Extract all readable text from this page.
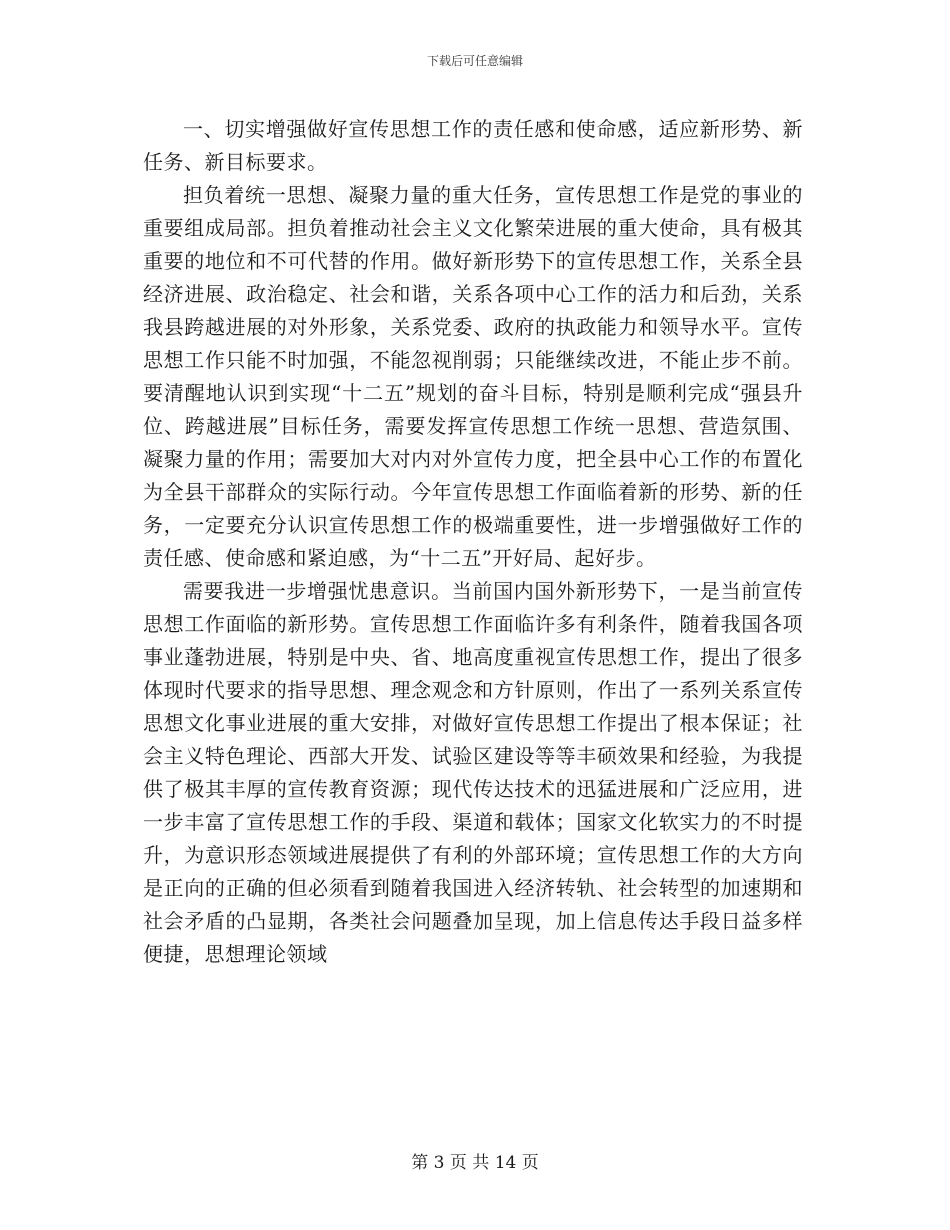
下载后可任意编辑

一、切实增强做好宣传思想工作的责任感和使命感，适应新形势、新任务、新目标要求。

担负着统一思想、凝聚力量的重大任务，宣传思想工作是党的事业的重要组成局部。担负着推动社会主义文化繁荣进展的重大使命，具有极其重要的地位和不可代替的作用。做好新形势下的宣传思想工作，关系全县经济进展、政治稳定、社会和谐，关系各项中心工作的活力和后劲，关系我县跨越进展的对外形象，关系党委、政府的执政能力和领导水平。宣传思想工作只能不时加强，不能忽视削弱；只能继续改进，不能止步不前。要清醒地认识到实现“十二五”规划的奋斗目标，特别是顺利完成“强县升位、跨越进展”目标任务，需要发挥宣传思想工作统一思想、营造氛围、凝聚力量的作用；需要加大对内对外宣传力度，把全县中心工作的布置化为全县干部群众的实际行动。今年宣传思想工作面临着新的形势、新的任务，一定要充分认识宣传思想工作的极端重要性，进一步增强做好工作的责任感、使命感和紧迫感，为“十二五”开好局、起好步。

需要我进一步增强忧患意识。当前国内国外新形势下，一是当前宣传思想工作面临的新形势。宣传思想工作面临许多有利条件，随着我国各项事业蓬勃进展，特别是中央、省、地高度重视宣传思想工作，提出了很多体现时代要求的指导思想、理念观念和方针原则，作出了一系列关系宣传思想文化事业进展的重大安排，对做好宣传思想工作提出了根本保证；社会主义特色理论、西部大开发、试验区建设等等丰硕效果和经验，为我提供了极其丰厚的宣传教育资源；现代传达技术的迅猛进展和广泛应用，进一步丰富了宣传思想工作的手段、渠道和载体；国家文化软实力的不时提升，为意识形态领域进展提供了有利的外部环境；宣传思想工作的大方向是正向的正确的但必须看到随着我国进入经济转轨、社会转型的加速期和社会矛盾的凸显期，各类社会问题叠加呈现，加上信息传达手段日益多样便捷，思想理论领域

第 3 页 共 14 页
